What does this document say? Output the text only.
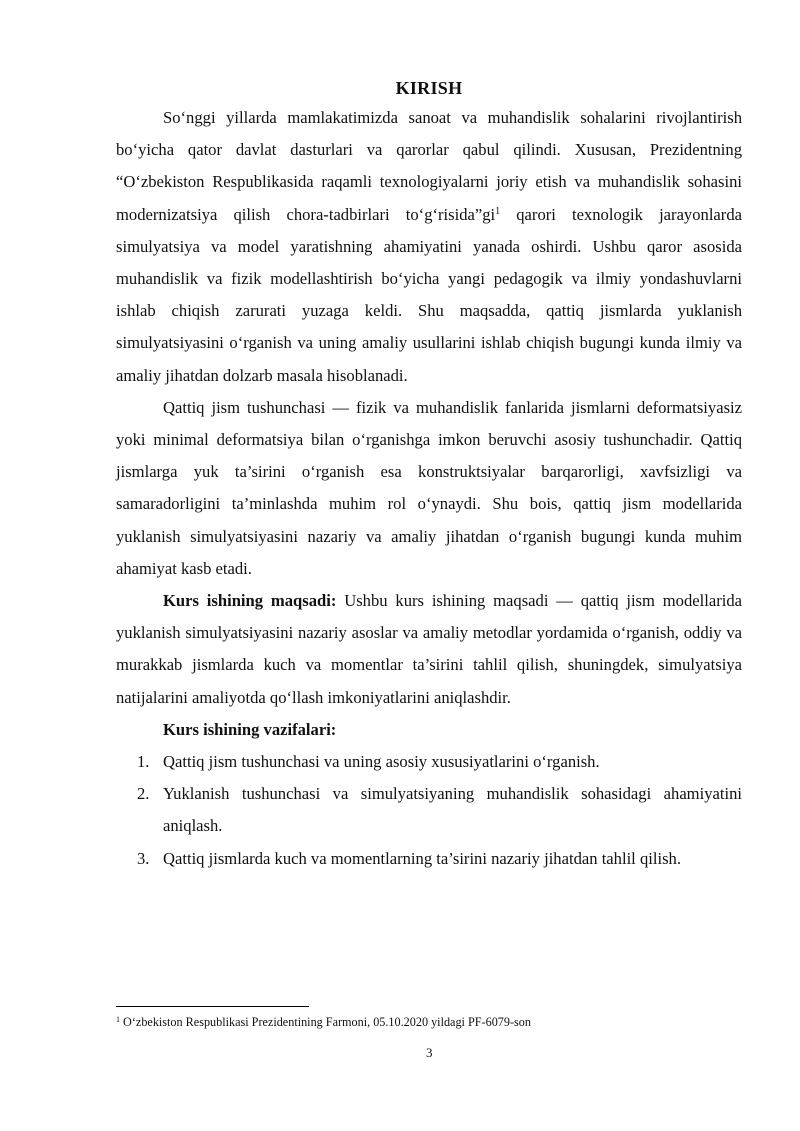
KIRISH

So‘nggi yillarda mamlakatimizda sanoat va muhandislik sohalarini rivojlantirish bo‘yicha qator davlat dasturlari va qarorlar qabul qilindi. Xususan, Prezidentning “O‘zbekiston Respublikasida raqamli texnologiyalarni joriy etish va muhandislik sohasini modernizatsiya qilish chora-tadbirlari $to‘g‘risida”gi^1$ qarori texnologik jarayonlarda simulyatsiya va model yaratishning ahamiyatini yanada oshirdi. Ushbu qaror asosida muhandislik va fizik modellashtirish bo‘yicha yangi pedagogik va ilmiy yondashuvlarni ishlab chiqish zarurati yuzaga keldi. Shu maqsadda, qattiq jismlarda yuklanish simulyatsiyasini o‘rganish va uning amaliy usullarini ishlab chiqish bugungi kunda ilmiy va amaliy jihatdan dolzarb masala hisoblanadi.

Qattiq jism tushunchasi — fizik va muhandislik fanlarida jismlarni deformatsiyasiz yoki minimal deformatsiya bilan o‘rganishga imkon beruvchi asosiy tushunchadir. Qattiq jismlarga yuk ta’sirini o‘rganish esa konstruktsiyalar barqarorligi, xavfsizligi va samaradorligini ta’minlashda muhim rol o‘ynaydi. Shu bois, qattiq jism modellarida yuklanish simulyatsiyasini nazariy va amaliy jihatdan o‘rganish bugungi kunda muhim ahamiyat kasb etadi.

Kurs ishining maqsadi: Ushbu kurs ishining maqsadi — qattiq jism modellarida yuklanish simulyatsiyasini nazariy asoslar va amaliy metodlar yordamida o‘rganish, oddiy va murakkab jismlarda kuch va momentlar ta’sirini tahlil qilish, shuningdek, simulyatsiya natijalarini amaliyotda qo‘llash imkoniyatlarini aniqlashdir.

Kurs ishining vazifalari:

1. Qattiq jism tushunchasi va uning asosiy xususiyatlarini o‘rganish.
2. Yuklanish tushunchasi va simulyatsiyaning muhandislik sohasidagi ahamiyatini aniqlash.
3. Qattiq jismlarda kuch va momentlarning ta’sirini nazariy jihatdan tahlil qilish.
$^1$ O‘zbekiston Respublikasi Prezidentining Farmoni, 05.10.2020 yildagi PF-6079-son
3
